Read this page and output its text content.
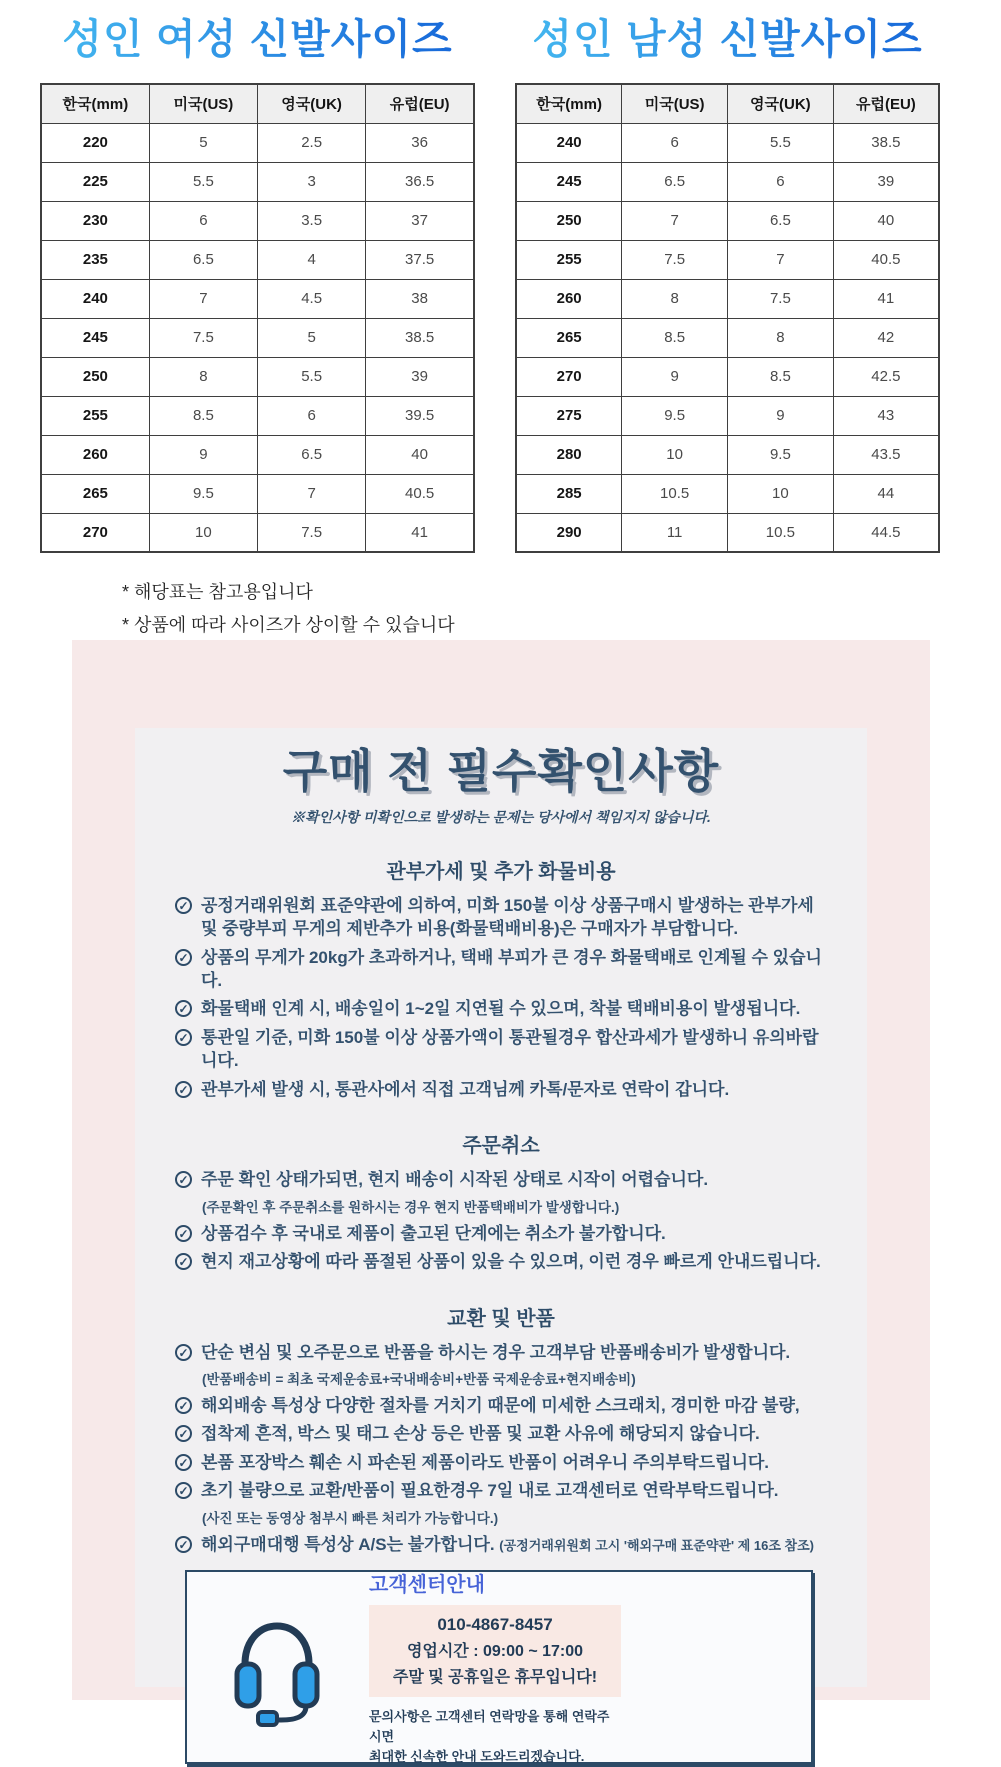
성인 여성 신발사이즈
한국(mm)	미국(US)	영국(UK)	유럽(EU)
220	5	2.5	36
225	5.5	3	36.5
230	6	3.5	37
235	6.5	4	37.5
240	7	4.5	38
245	7.5	5	38.5
250	8	5.5	39
255	8.5	6	39.5
260	9	6.5	40
265	9.5	7	40.5
270	10	7.5	41
성인 남성 신발사이즈
한국(mm)	미국(US)	영국(UK)	유럽(EU)
240	6	5.5	38.5
245	6.5	6	39
250	7	6.5	40
255	7.5	7	40.5
260	8	7.5	41
265	8.5	8	42
270	9	8.5	42.5
275	9.5	9	43
280	10	9.5	43.5
285	10.5	10	44
290	11	10.5	44.5
* 해당표는 참고용입니다
* 상품에 따라 사이즈가 상이할 수 있습니다
구매 전 필수확인사항
※확인사항 미확인으로 발생하는 문제는 당사에서 책임지지 않습니다.
관부가세 및 추가 화물비용
✓ 공정거래위원회 표준약관에 의하여, 미화 150불 이상 상품구매시 발생하는 관부가세 및 중량부피 무게의 제반추가 비용(화물택배비용)은 구매자가 부담합니다.
✓ 상품의 무게가 20kg가 초과하거나, 택배 부피가 큰 경우 화물택배로 인계될 수 있습니다.
✓ 화물택배 인계 시, 배송일이 1~2일 지연될 수 있으며, 착불 택배비용이 발생됩니다.
✓ 통관일 기준, 미화 150불 이상 상품가액이 통관될경우 합산과세가 발생하니 유의바랍니다.
✓ 관부가세 발생 시, 통관사에서 직접 고객님께 카톡/문자로 연락이 갑니다.
주문취소
✓ 주문 확인 상태가되면, 현지 배송이 시작된 상태로 시작이 어렵습니다.
(주문확인 후 주문취소를 원하시는 경우 현지 반품택배비가 발생합니다.)
✓ 상품검수 후 국내로 제품이 출고된 단계에는 취소가 불가합니다.
✓ 현지 재고상황에 따라 품절된 상품이 있을 수 있으며, 이런 경우 빠르게 안내드립니다.
교환 및 반품
✓ 단순 변심 및 오주문으로 반품을 하시는 경우 고객부담 반품배송비가 발생합니다.
(반품배송비 = 최초 국제운송료+국내배송비+반품 국제운송료+현지배송비)
✓ 해외배송 특성상 다양한 절차를 거치기 때문에 미세한 스크래치, 경미한 마감 불량,
✓ 접착제 흔적, 박스 및 태그 손상 등은 반품 및 교환 사유에 해당되지 않습니다.
✓ 본품 포장박스 훼손 시 파손된 제품이라도 반품이 어려우니 주의부탁드립니다.
✓ 초기 불량으로 교환/반품이 필요한경우 7일 내로 고객센터로 연락부탁드립니다.
(사진 또는 동영상 첨부시 빠른 처리가 가능합니다.)
✓ 해외구매대행 특성상 A/S는 불가합니다. (공정거래위원회 고시 '해외구매 표준약관' 제 16조 참조)
고객센터안내
010-4867-8457
영업시간 : 09:00 ~ 17:00
주말 및 공휴일은 휴무입니다!
문의사항은 고객센터 연락망을 통해 연락주시면
최대한 신속한 안내 도와드리겠습니다.
